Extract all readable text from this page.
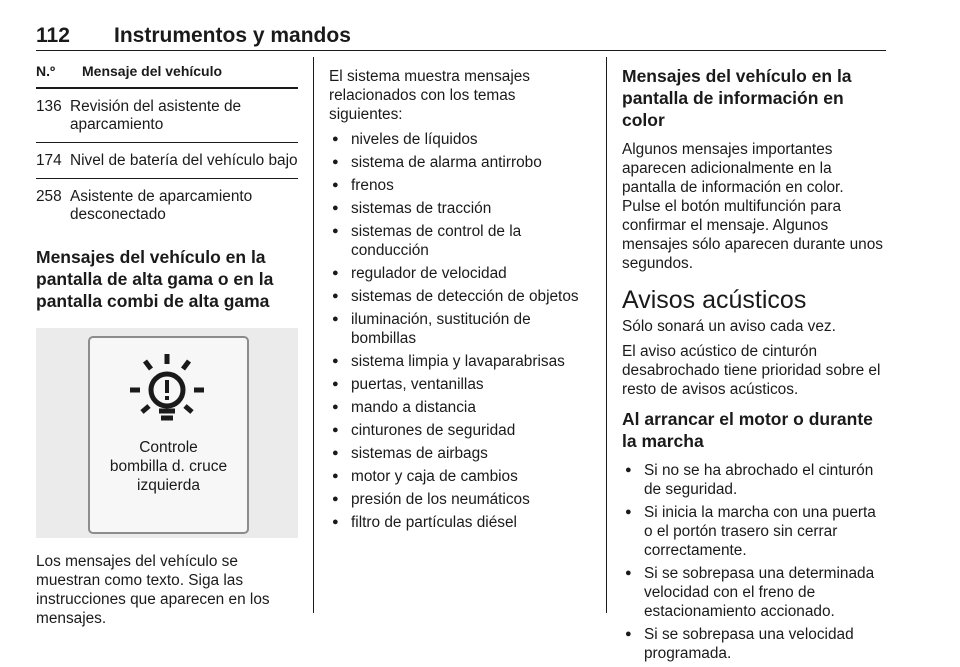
112 Instrumentos y mandos
N.º	Mensaje del vehículo
136 Revisión del asistente de aparcamiento
174 Nivel de batería del vehículo bajo
258 Asistente de aparcamiento desconectado
Mensajes del vehículo en la pantalla de alta gama o en la pantalla combi de alta gama
Controle
bombilla d. cruce
izquierda
Los mensajes del vehículo se muestran como texto. Siga las instrucciones que aparecen en los mensajes.
El sistema muestra mensajes relacionados con los temas siguientes:
● niveles de líquidos
● sistema de alarma antirrobo
● frenos
● sistemas de tracción
● sistemas de control de la conducción
● regulador de velocidad
● sistemas de detección de objetos
● iluminación, sustitución de bombillas
● sistema limpia y lavaparabrisas
● puertas, ventanillas
● mando a distancia
● cinturones de seguridad
● sistemas de airbags
● motor y caja de cambios
● presión de los neumáticos
● filtro de partículas diésel
Mensajes del vehículo en la pantalla de información en color
Algunos mensajes importantes aparecen adicionalmente en la pantalla de información en color. Pulse el botón multifunción para confirmar el mensaje. Algunos mensajes sólo aparecen durante unos segundos.
Avisos acústicos
Sólo sonará un aviso cada vez.
El aviso acústico de cinturón desabrochado tiene prioridad sobre el resto de avisos acústicos.
Al arrancar el motor o durante la marcha
● Si no se ha abrochado el cinturón de seguridad.
● Si inicia la marcha con una puerta o el portón trasero sin cerrar correctamente.
● Si se sobrepasa una determinada velocidad con el freno de estacionamiento accionado.
● Si se sobrepasa una velocidad programada.
